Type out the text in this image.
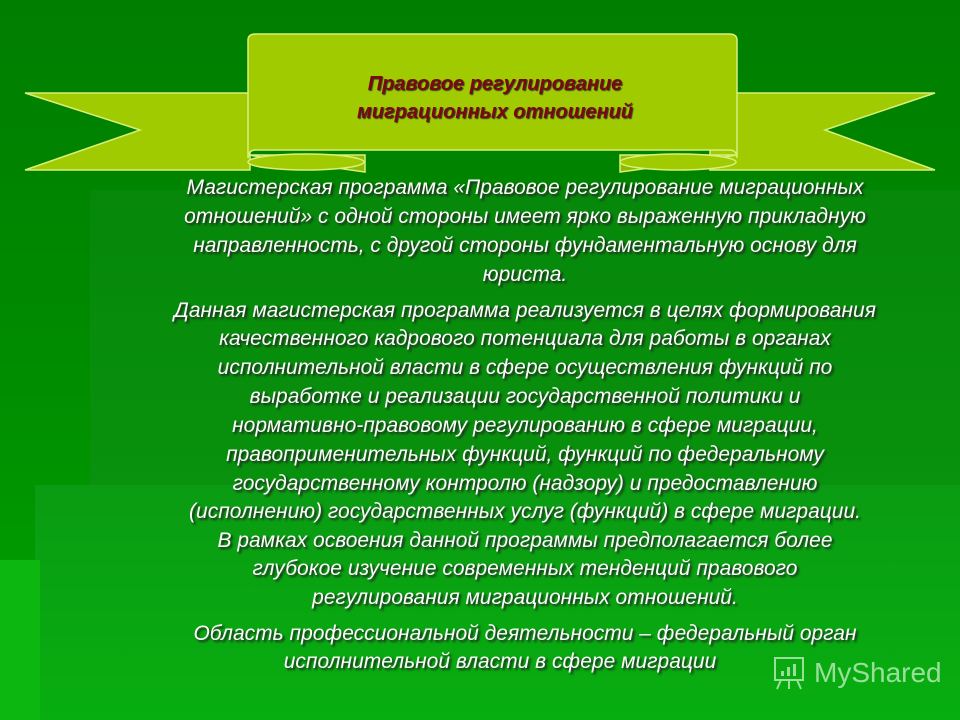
Правовое регулирование
миграционных отношений
Магистерская программа «Правовое регулирование миграционных
отношений» с одной стороны имеет ярко выраженную прикладную
направленность, с другой стороны фундаментальную основу для
юриста.
Данная магистерская программа реализуется в целях формирования
качественного кадрового потенциала для работы в органах
исполнительной власти в сфере осуществления функций по
выработке и реализации государственной политики и
нормативно-правовому регулированию в сфере миграции,
правоприменительных функций, функций по федеральному
государственному контролю (надзору) и предоставлению
(исполнению) государственных услуг (функций) в сфере миграции.
В рамках освоения данной программы предполагается более
глубокое изучение современных тенденций правового
регулирования миграционных отношений.
Область профессиональной деятельности – федеральный орган
исполнительной власти в сфере миграции	MyShared
